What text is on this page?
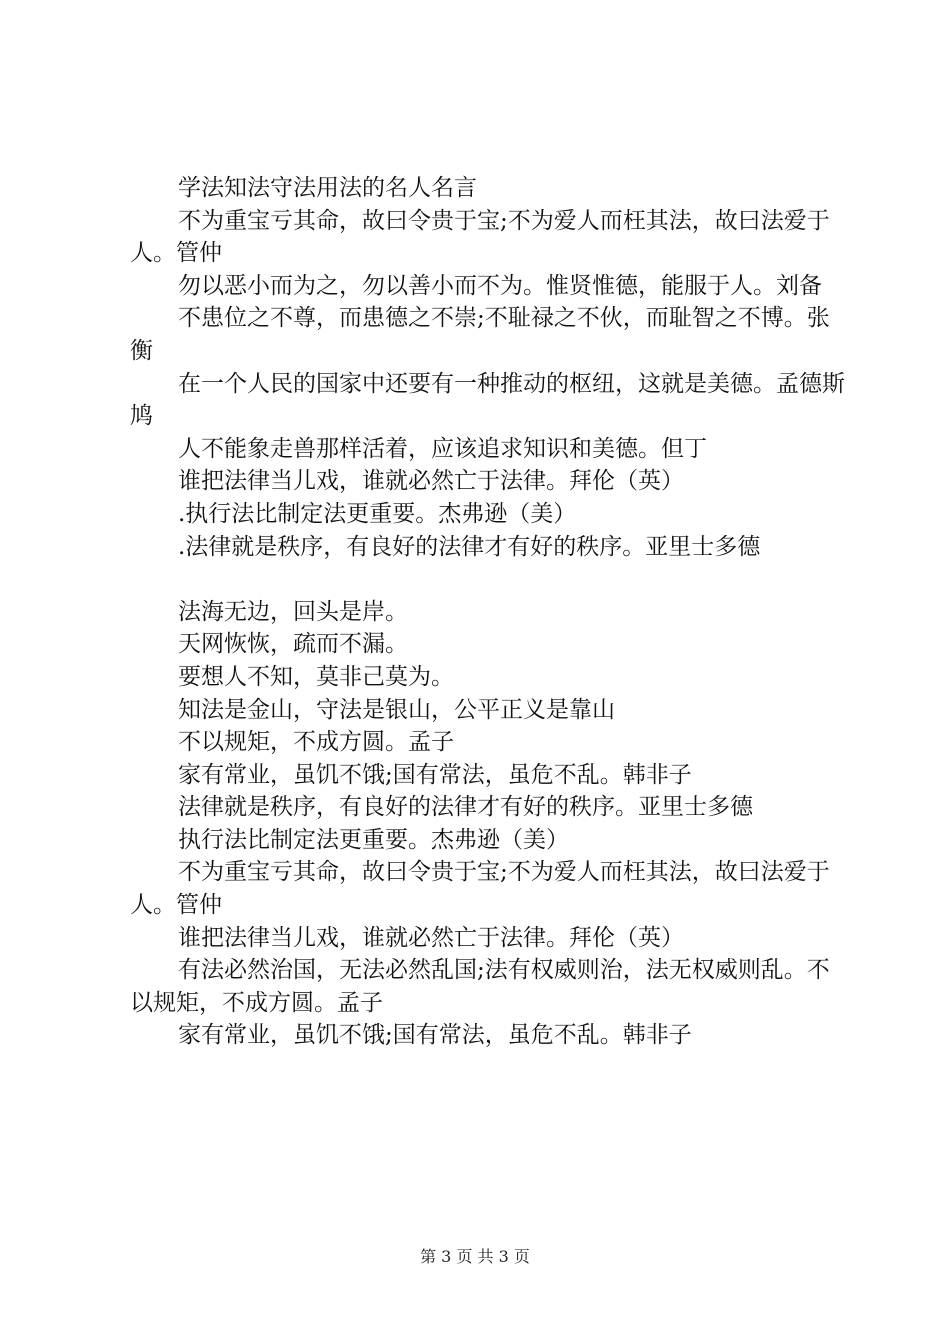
学法知法守法用法的名人名言

不为重宝亏其命，故曰令贵于宝;不为爱人而枉其法，故曰法爱于人。管仲

勿以恶小而为之，勿以善小而不为。惟贤惟德，能服于人。刘备

不患位之不尊，而患德之不崇;不耻禄之不伙，而耻智之不博。张衡

在一个人民的国家中还要有一种推动的枢纽，这就是美德。孟德斯鸠

人不能象走兽那样活着，应该追求知识和美德。但丁

谁把法律当儿戏，谁就必然亡于法律。拜伦（英）

.执行法比制定法更重要。杰弗逊（美）

.法律就是秩序，有良好的法律才有好的秩序。亚里士多德

法海无边，回头是岸。

天网恢恢，疏而不漏。

要想人不知，莫非己莫为。

知法是金山，守法是银山，公平正义是靠山

不以规矩，不成方圆。孟子

家有常业，虽饥不饿;国有常法，虽危不乱。韩非子

法律就是秩序，有良好的法律才有好的秩序。亚里士多德

执行法比制定法更重要。杰弗逊（美）

不为重宝亏其命，故曰令贵于宝;不为爱人而枉其法，故曰法爱于人。管仲

谁把法律当儿戏，谁就必然亡于法律。拜伦（英）

有法必然治国，无法必然乱国;法有权威则治，法无权威则乱。不以规矩，不成方圆。孟子

家有常业，虽饥不饿;国有常法，虽危不乱。韩非子

第 3 页 共 3 页
